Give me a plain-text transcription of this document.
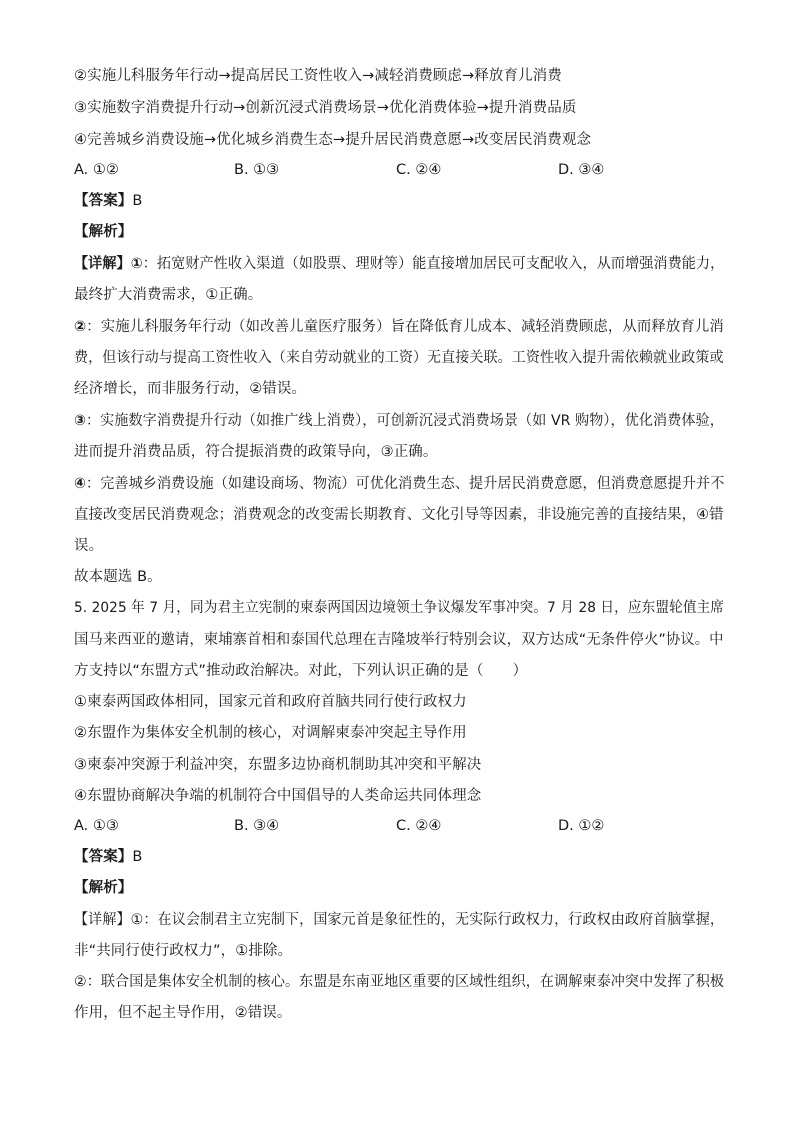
②实施儿科服务年行动→提高居民工资性收入→减轻消费顾虑→释放育儿消费
③实施数字消费提升行动→创新沉浸式消费场景→优化消费体验→提升消费品质
④完善城乡消费设施→优化城乡消费生态→提升居民消费意愿→改变居民消费观念
A. ①②	B. ①③	C. ②④	D. ③④
【答案】B
【解析】
【详解】①：拓宽财产性收入渠道（如股票、理财等）能直接增加居民可支配收入，从而增强消费能力，
最终扩大消费需求，①正确。
②：实施儿科服务年行动（如改善儿童医疗服务）旨在降低育儿成本、减轻消费顾虑，从而释放育儿消
费，但该行动与提高工资性收入（来自劳动就业的工资）无直接关联。工资性收入提升需依赖就业政策或
经济增长，而非服务行动，②错误。
③：实施数字消费提升行动（如推广线上消费），可创新沉浸式消费场景（如 VR 购物），优化消费体验，
进而提升消费品质，符合提振消费的政策导向，③正确。
④：完善城乡消费设施（如建设商场、物流）可优化消费生态、提升居民消费意愿，但消费意愿提升并不
直接改变居民消费观念；消费观念的改变需长期教育、文化引导等因素，非设施完善的直接结果，④错
误。
故本题选 B。
5. 2025 年 7 月，同为君主立宪制的柬泰两国因边境领土争议爆发军事冲突。7 月 28 日，应东盟轮值主席
国马来西亚的邀请，柬埔寨首相和泰国代总理在吉隆坡举行特别会议，双方达成“无条件停火”协议。中
方支持以“东盟方式”推动政治解决。对此，下列认识正确的是（　　）
①柬泰两国政体相同，国家元首和政府首脑共同行使行政权力
②东盟作为集体安全机制的核心，对调解柬泰冲突起主导作用
③柬泰冲突源于利益冲突，东盟多边协商机制助其冲突和平解决
④东盟协商解决争端的机制符合中国倡导的人类命运共同体理念
A. ①③	B. ③④	C. ②④	D. ①②
【答案】B
【解析】
【详解】①：在议会制君主立宪制下，国家元首是象征性的，无实际行政权力，行政权由政府首脑掌握，
非“共同行使行政权力”，①排除。
②：联合国是集体安全机制的核心。东盟是东南亚地区重要的区域性组织，在调解柬泰冲突中发挥了积极
作用，但不起主导作用，②错误。
